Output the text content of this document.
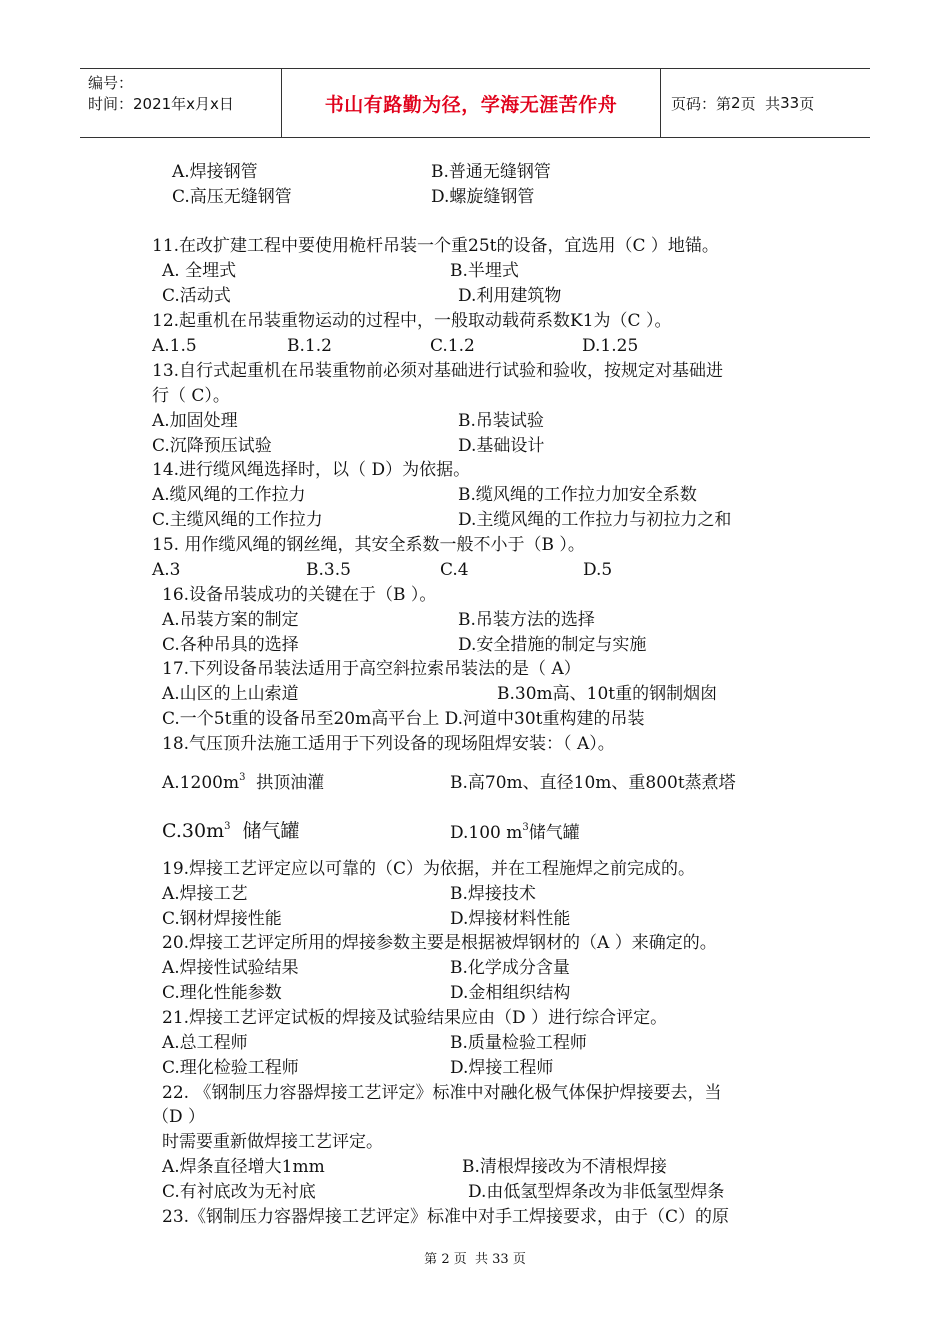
编号：
时间：2021年x月x日	书山有路勤为径，学海无涯苦作舟	页码：第 2 页  共 33 页
A.焊接钢管	B.普通无缝钢管
C.高压无缝钢管	D.螺旋缝钢管
11.在改扩建工程中要使用桅杆吊装一个重25t的设备，宜选用（C ）地锚。
A. 全埋式	B.半埋式
C.活动式	D.利用建筑物
12.起重机在吊装重物运动的过程中，一般取动载荷系数K1为（C ）。
A.1.5	B.1.2	C.1.2	D.1.25
13.自行式起重机在吊装重物前必须对基础进行试验和验收，按规定对基础进
行（ C）。
A.加固处理	B.吊装试验
C.沉降预压试验	D.基础设计
14.进行缆风绳选择时，以（ D）为依据。
A.缆风绳的工作拉力	B.缆风绳的工作拉力加安全系数
C.主缆风绳的工作拉力	D.主缆风绳的工作拉力与初拉力之和
15. 用作缆风绳的钢丝绳，其安全系数一般不小于（B ）。
A.3	B.3.5	C.4	D.5
16.设备吊装成功的关键在于（B ）。
A.吊装方案的制定	B.吊装方法的选择
C.各种吊具的选择	D.安全措施的制定与实施
17.下列设备吊装法适用于高空斜拉索吊装法的是（ A）
A.山区的上山索道	B.30m高、10t重的钢制烟囱
C.一个5t重的设备吊至20m高平台上 D.河道中30t重构建的吊装
18.气压顶升法施工适用于下列设备的现场阻焊安装：（ A）。
$A.1200m^3$  拱顶油灌	B.高70m、直径10m、重800t蒸煮塔
$C.30m^3$  储气罐	D.100 $m^3$储气罐
19.焊接工艺评定应以可靠的（C）为依据，并在工程施焊之前完成的。
A.焊接工艺	B.焊接技术
C.钢材焊接性能	D.焊接材料性能
20.焊接工艺评定所用的焊接参数主要是根据被焊钢材的（A ）来确定的。
A.焊接性试验结果	B.化学成分含量
C.理化性能参数	D.金相组织结构
21.焊接工艺评定试板的焊接及试验结果应由（D ）进行综合评定。
A.总工程师	B.质量检验工程师
C.理化检验工程师	D.焊接工程师
22. 《钢制压力容器焊接工艺评定》标准中对融化极气体保护焊接要去，当
（D ）
时需要重新做焊接工艺评定。
A.焊条直径增大1mm	B.清根焊接改为不清根焊接
C.有衬底改为无衬底	D.由低氢型焊条改为非低氢型焊条
23.《钢制压力容器焊接工艺评定》标准中对手工焊接要求，由于（C）的原
第 2 页  共 33 页
